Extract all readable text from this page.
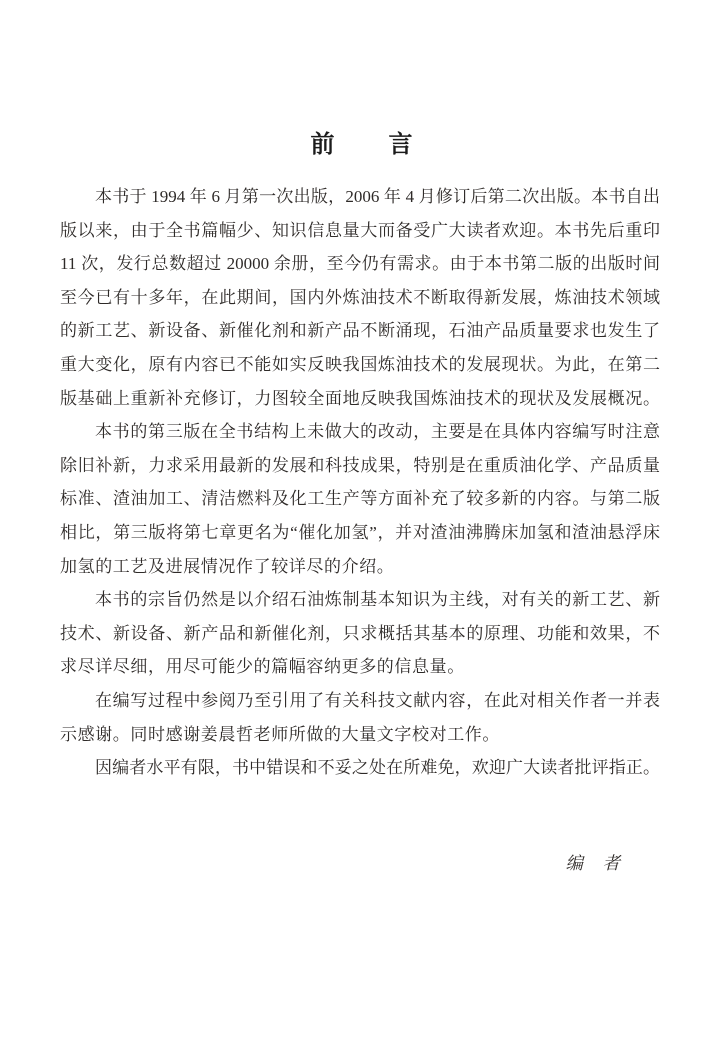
前　　言
本书于 1994 年 6 月第一次出版，2006 年 4 月修订后第二次出版。本书自出
版以来，由于全书篇幅少、知识信息量大而备受广大读者欢迎。本书先后重印
11 次，发行总数超过 20000 余册，至今仍有需求。由于本书第二版的出版时间
至今已有十多年，在此期间，国内外炼油技术不断取得新发展，炼油技术领域
的新工艺、新设备、新催化剂和新产品不断涌现，石油产品质量要求也发生了
重大变化，原有内容已不能如实反映我国炼油技术的发展现状。为此，在第二
版基础上重新补充修订，力图较全面地反映我国炼油技术的现状及发展概况。
本书的第三版在全书结构上未做大的改动，主要是在具体内容编写时注意
除旧补新，力求采用最新的发展和科技成果，特别是在重质油化学、产品质量
标准、渣油加工、清洁燃料及化工生产等方面补充了较多新的内容。与第二版
相比，第三版将第七章更名为“催化加氢”，并对渣油沸腾床加氢和渣油悬浮床
加氢的工艺及进展情况作了较详尽的介绍。
本书的宗旨仍然是以介绍石油炼制基本知识为主线，对有关的新工艺、新
技术、新设备、新产品和新催化剂，只求概括其基本的原理、功能和效果，不
求尽详尽细，用尽可能少的篇幅容纳更多的信息量。
在编写过程中参阅乃至引用了有关科技文献内容，在此对相关作者一并表
示感谢。同时感谢姜晨哲老师所做的大量文字校对工作。
因编者水平有限，书中错误和不妥之处在所难免，欢迎广大读者批评指正。
编　者
